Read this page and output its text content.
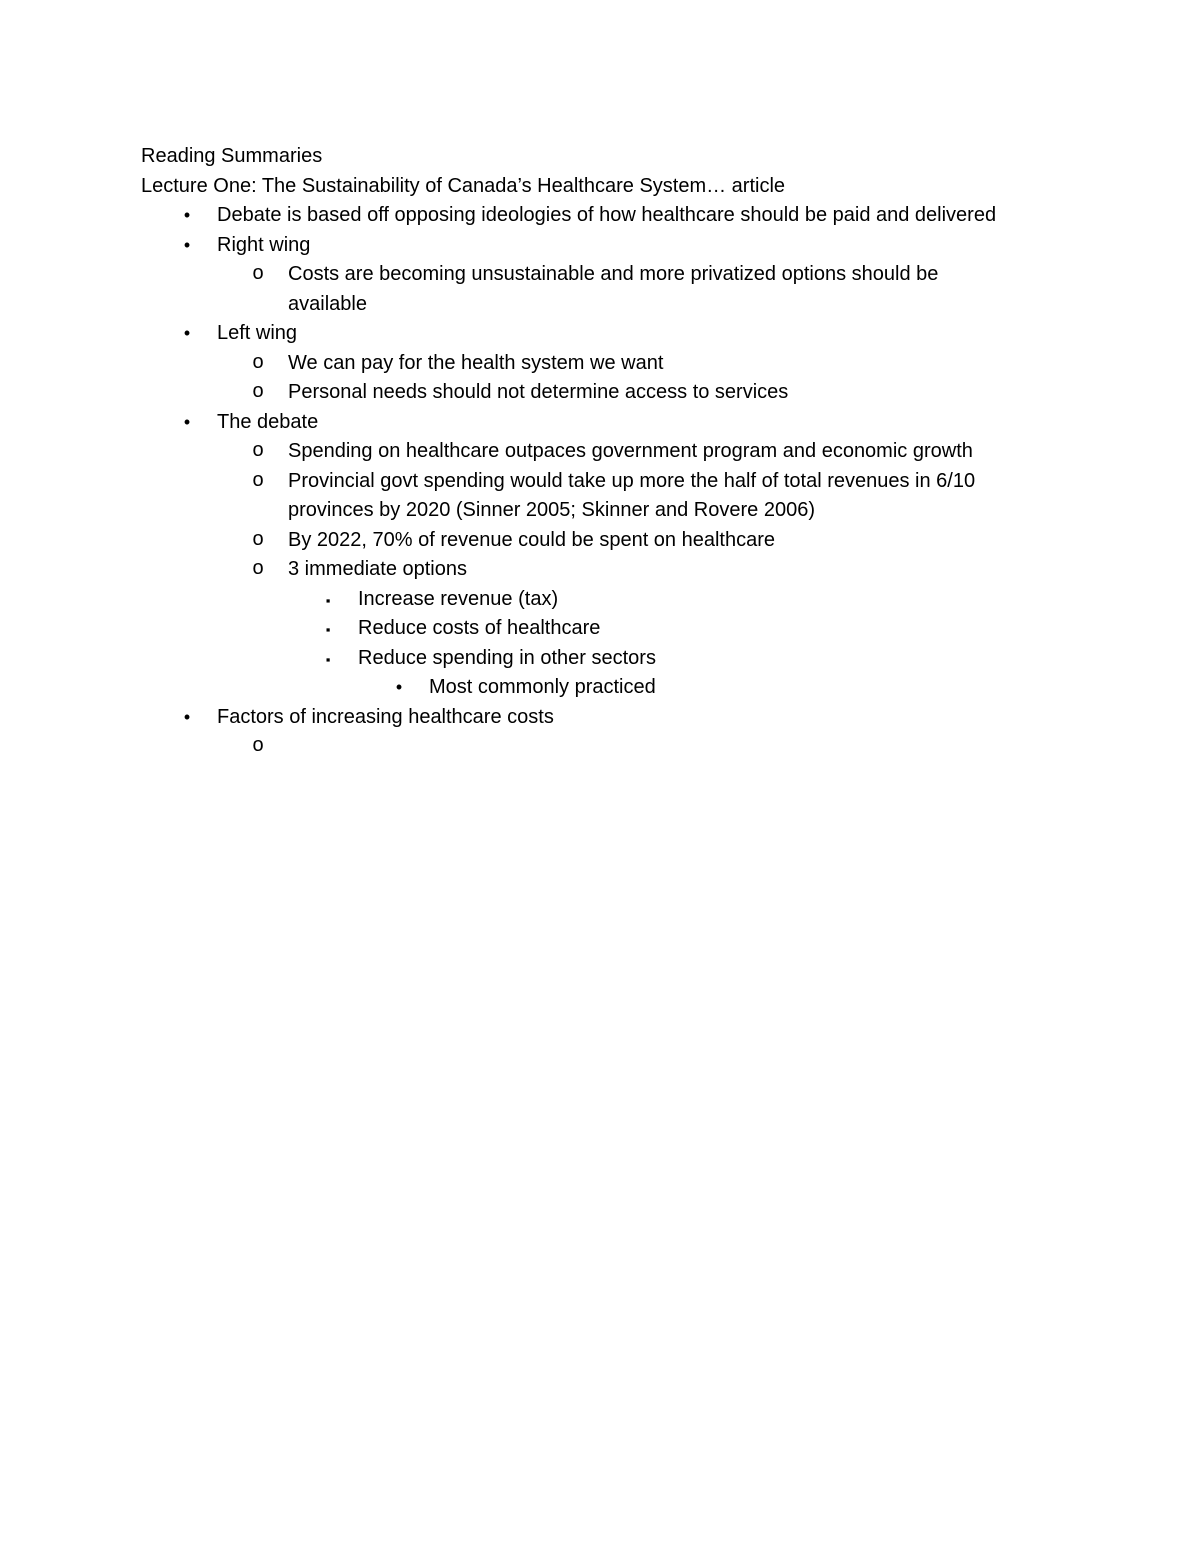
Reading Summaries
Lecture One: The Sustainability of Canada’s Healthcare System… article
•	Debate is based off opposing ideologies of how healthcare should be paid and delivered
•	Right wing
o Costs are becoming unsustainable and more privatized options should be available
•	Left wing
o We can pay for the health system we want
o Personal needs should not determine access to services
•	The debate
o Spending on healthcare outpaces government program and economic growth
o Provincial govt spending would take up more the half of total revenues in 6/10 provinces by 2020 (Sinner 2005; Skinner and Rovere 2006)
o By 2022, 70% of revenue could be spent on healthcare
o 3 immediate options
▪	Increase revenue (tax)
▪	Reduce costs of healthcare
▪	Reduce spending in other sectors
•	Most commonly practiced
•	Factors of increasing healthcare costs
o
